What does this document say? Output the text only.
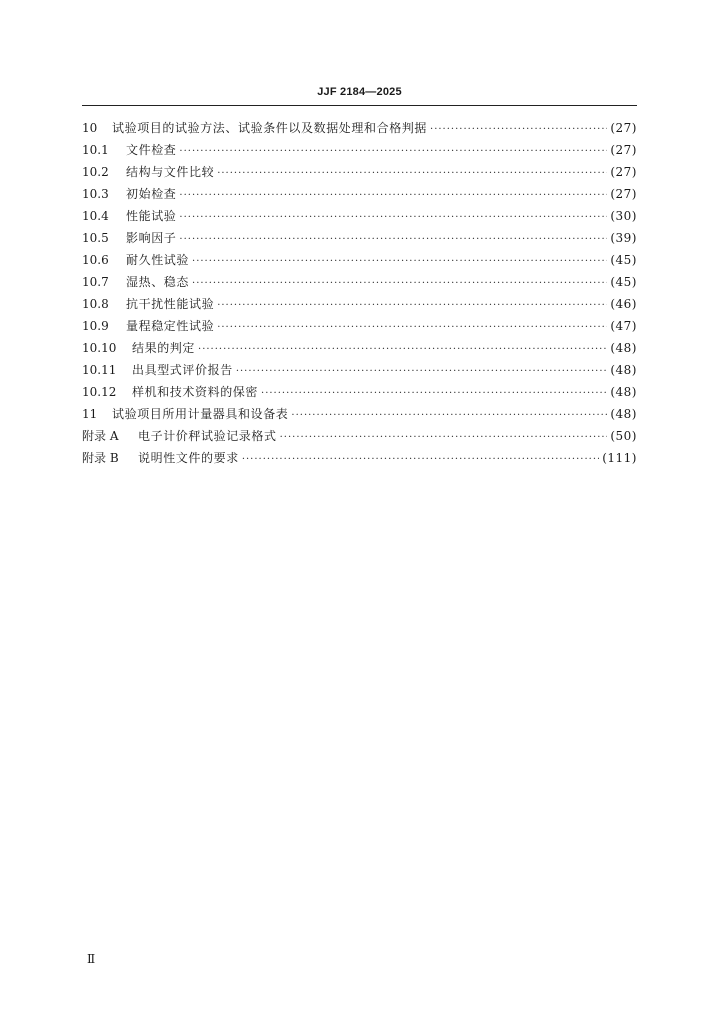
JJF 2184—2025
10	试验项目的试验方法、试验条件以及数据处理和合格判据 ·····	(27)
10.1	文件检查 ·····	(27)
10.2	结构与文件比较 ·····	(27)
10.3	初始检查 ·····	(27)
10.4	性能试验 ·····	(30)
10.5	影响因子 ·····	(39)
10.6	耐久性试验 ·····	(45)
10.7	湿热、稳态 ·····	(45)
10.8	抗干扰性能试验 ·····	(46)
10.9	量程稳定性试验 ·····	(47)
10.10	结果的判定 ·····	(48)
10.11	出具型式评价报告 ·····	(48)
10.12	样机和技术资料的保密 ·····	(48)
11	试验项目所用计量器具和设备表 ·····	(48)
附录 A	电子计价秤试验记录格式 ·····	(50)
附录 B	说明性文件的要求 ·····	(111)
Ⅱ
